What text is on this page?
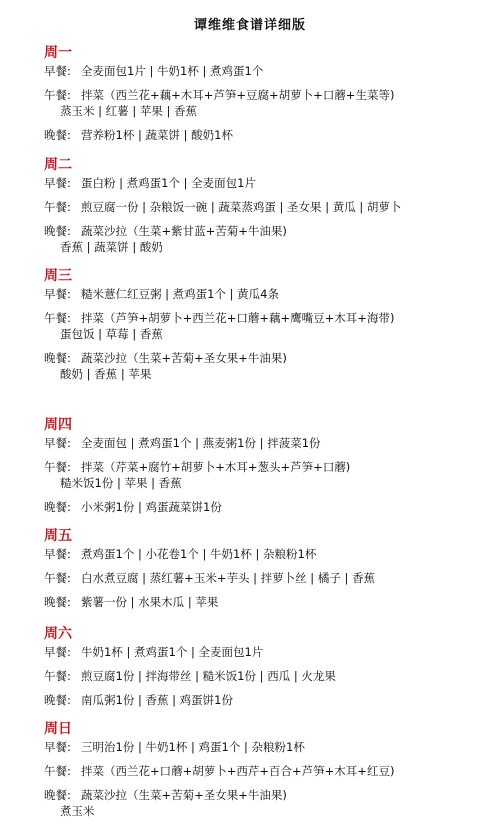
谭维维食谱详细版
周一
早餐: 全麦面包1片 | 牛奶1杯 | 煮鸡蛋1个
午餐: 拌菜（西兰花+藕+木耳+芦笋+豆腐+胡萝卜+口蘑+生菜等)
蒸玉米 | 红薯 | 苹果 | 香蕉
晚餐: 营养粉1杯 | 蔬菜饼 | 酸奶1杯
周二
早餐: 蛋白粉 | 煮鸡蛋1个 | 全麦面包1片
午餐: 煎豆腐一份 | 杂粮饭一碗 | 蔬菜蒸鸡蛋 | 圣女果 | 黄瓜 | 胡萝卜
晚餐: 蔬菜沙拉（生菜+紫甘蓝+苦菊+牛油果)
香蕉 | 蔬菜饼 | 酸奶
周三
早餐: 糙米薏仁红豆粥 | 煮鸡蛋1个 | 黄瓜4条
午餐: 拌菜（芦笋+胡萝卜+西兰花+口蘑+藕+鹰嘴豆+木耳+海带)
蛋包饭 | 草莓 | 香蕉
晚餐: 蔬菜沙拉（生菜+苦菊+圣女果+牛油果)
酸奶 | 香蕉 | 苹果
周四
早餐: 全麦面包 | 煮鸡蛋1个 | 燕麦粥1份 | 拌菠菜1份
午餐: 拌菜（芹菜+腐竹+胡萝卜+木耳+葱头+芦笋+口蘑)
糙米饭1份 | 苹果 | 香蕉
晚餐: 小米粥1份 | 鸡蛋蔬菜饼1份
周五
早餐: 煮鸡蛋1个 | 小花卷1个 | 牛奶1杯 | 杂粮粉1杯
午餐: 白水煮豆腐 | 蒸红薯+玉米+芋头 | 拌萝卜丝 | 橘子 | 香蕉
晚餐: 紫薯一份 | 水果木瓜 | 苹果
周六
早餐: 牛奶1杯 | 煮鸡蛋1个 | 全麦面包1片
午餐: 煎豆腐1份 | 拌海带丝 | 糙米饭1份 | 西瓜 | 火龙果
晚餐: 南瓜粥1份 | 香蕉 | 鸡蛋饼1份
周日
早餐: 三明治1份 | 牛奶1杯 | 鸡蛋1个 | 杂粮粉1杯
午餐: 拌菜（西兰花+口蘑+胡萝卜+西芹+百合+芦笋+木耳+红豆)
晚餐: 蔬菜沙拉（生菜+苦菊+圣女果+牛油果)
煮玉米
